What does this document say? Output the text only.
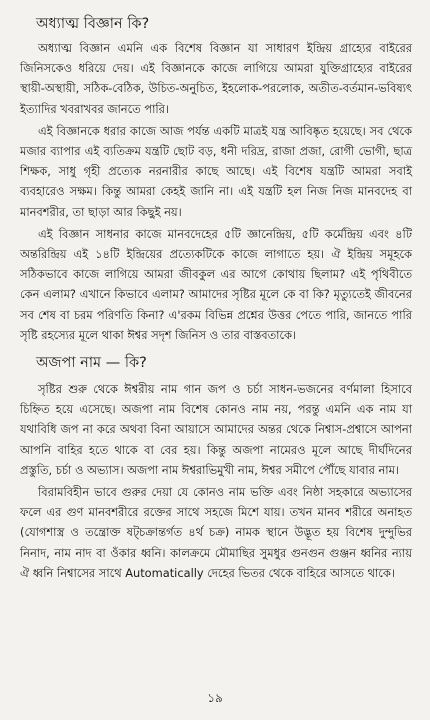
অধ্যাত্ম বিজ্ঞান কি?

অধ্যাত্ম বিজ্ঞান এমনি এক বিশেষ বিজ্ঞান যা সাধারণ ইন্দ্রিয় গ্রাহ্যের বাইরের জিনিসকেও ধরিয়ে দেয়। এই বিজ্ঞানকে কাজে লাগিয়ে আমরা যুক্তিগ্রাহ্যের বাইরের স্থায়ী-অস্থায়ী, সঠিক-বেঠিক, উচিত-অনুচিত, ইহলোক-পরলোক, অতীত-বর্তমান-ভবিষ্যৎ ইত্যাদির খবরাখবর জানতে পারি।

এই বিজ্ঞানকে ধরার কাজে আজ পর্যন্ত একটি মাত্রই যন্ত্র আবিষ্কৃত হয়েছে। সব থেকে মজার ব্যাপার এই ব্যতিক্রম যন্ত্রটি ছোট বড়, ধনী দরিদ্র, রাজা প্রজা, রোগী ভোগী, ছাত্র শিক্ষক, সাধু গৃহী প্রত্যেক নরনারীর কাছে আছে। এই বিশেষ যন্ত্রটি আমরা সবাই ব্যবহারেও সক্ষম। কিন্তু আমরা কেহই জানি না। এই যন্ত্রটি হল নিজ নিজ মানবদেহ বা মানবশরীর, তা ছাড়া আর কিছুই নয়।

এই বিজ্ঞান সাধনার কাজে মানবদেহের ৫টি জ্ঞানেন্দ্রিয়, ৫টি কর্মেন্দ্রিয় এবং ৪টি অন্তরিন্দ্রিয় এই ১৪টি ইন্দ্রিয়ের প্রত্যেকটিকে কাজে লাগাতে হয়। ঐ ইন্দ্রিয় সমূহকে সঠিকভাবে কাজে লাগিয়ে আমরা জীবকুল এর আগে কোথায় ছিলাম? এই পৃথিবীতে কেন এলাম? এখানে কিভাবে এলাম? আমাদের সৃষ্টির মূলে কে বা কি? মৃত্যুতেই জীবনের সব শেষ বা চরম পরিণতি কিনা? এ'রকম বিভিন্ন প্রশ্নের উত্তর পেতে পারি, জানতে পারি সৃষ্টি রহস্যের মূলে থাকা ঈশ্বর সদৃশ জিনিস ও তার বাস্তবতাকে।

অজপা নাম — কি?

সৃষ্টির শুরু থেকে ঈশ্বরীয় নাম গান জপ ও চর্চা সাধন-ভজনের বর্ণমালা হিসাবে চিহ্নিত হয়ে এসেছে। অজপা নাম বিশেষ কোনও নাম নয়, পরন্তু এমনি এক নাম যা যথাবিধি জপ না করে অথবা বিনা আয়াসে আমাদের অন্তর থেকে নিশ্বাস-প্রশ্বাসে আপনা আপনি বাহির হতে থাকে বা বের হয়। কিন্তু অজপা নামেরও মূলে আছে দীর্ঘদিনের প্রস্তুতি, চর্চা ও অভ্যাস। অজপা নাম ঈশ্বরাভিমুখী নাম, ঈশ্বর সমীপে পৌঁছে যাবার নাম।

বিরামবিহীন ভাবে গুরুর দেয়া যে কোনও নাম ভক্তি এবং নিষ্ঠা সহকারে অভ্যাসের ফলে এর গুণ মানবশরীরে রক্তের সাথে সহজে মিশে যায়। তখন মানব শরীরে অনাহত (যোগশাস্ত্র ও তন্ত্রোক্ত ষট্চক্রান্তর্গত ৪র্থ চক্র) নামক স্থানে উদ্ভূত হয় বিশেষ দুন্দুভির নিনাদ, নাম নাদ বা ওঁকার ধ্বনি। কালক্রমে মৌমাছির সুমধুর গুনগুন গুঞ্জন ধ্বনির ন্যায় ঐ ধ্বনি নিশ্বাসের সাথে Automatically দেহের ভিতর থেকে বাহিরে আসতে থাকে।

১৯
